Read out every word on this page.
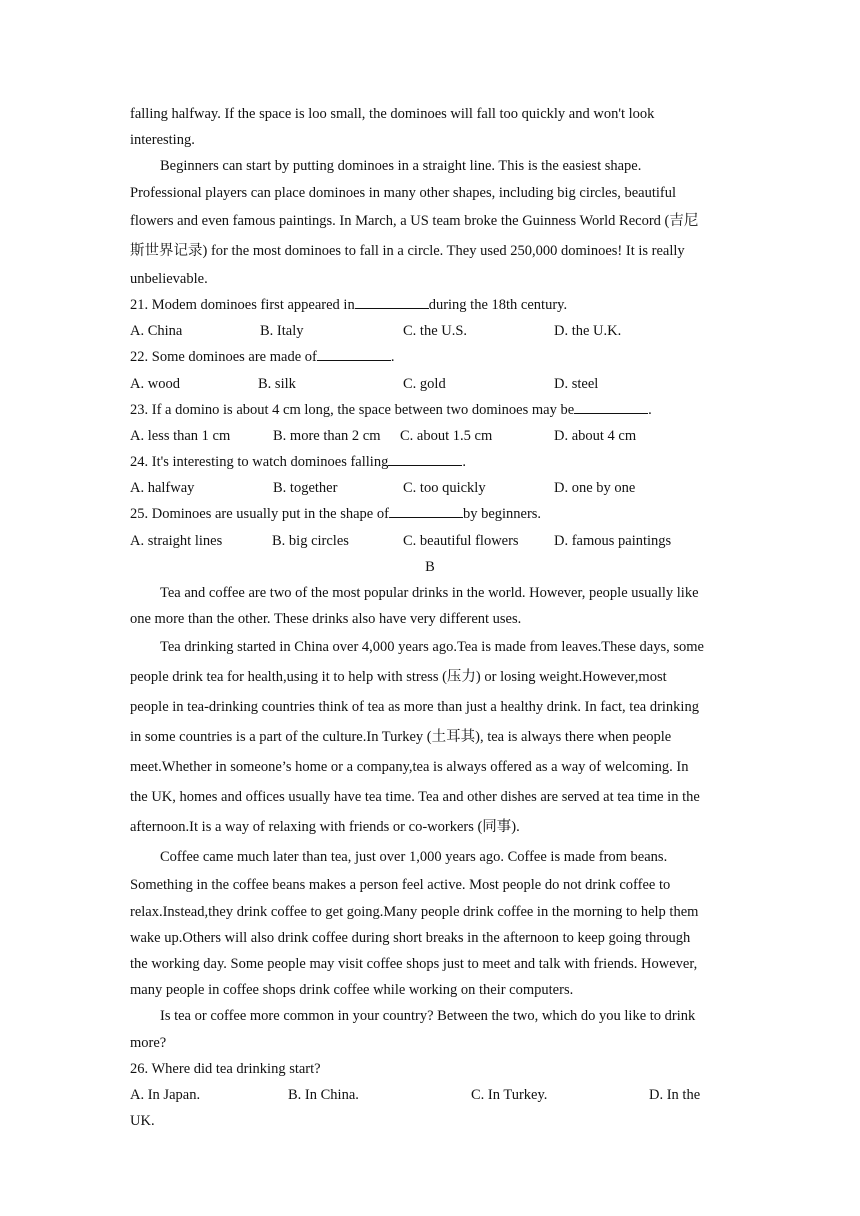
falling halfway. If the space is loo small, the dominoes will fall too quickly and won't look
interesting.
Beginners can start by putting dominoes in a straight line. This is the easiest shape.
Professional players can place dominoes in many other shapes, including big circles, beautiful
flowers and even famous paintings. In March, a US team broke the Guinness World Record (吉尼
斯世界记录) for the most dominoes to fall in a circle. They used 250,000 dominoes! It is really
unbelievable.
21. Modem dominoes first appeared in	during the 18th century.
A. China	B. Italy	C. the U.S.	D. the U.K.
22. Some dominoes are made of	.
A. wood	B. silk	C. gold	D. steel
23. If a domino is about 4 cm long, the space between two dominoes may be	.
A. less than 1 cm	B. more than 2 cm C. about 1.5 cm	D. about 4 cm
24. It's interesting to watch dominoes falling	.
A. halfway	B. together	C. too quickly	D. one by one
25. Dominoes are usually put in the shape of	by beginners.
A. straight lines	B. big circles	C. beautiful flowers D. famous paintings
B
Tea and coffee are two of the most popular drinks in the world. However, people usually like
one more than the other. These drinks also have very different uses.
Tea drinking started in China over 4,000 years ago.Tea is made from leaves.These days, some
people drink tea for health,using it to help with stress (压力) or losing weight.However,most
people in tea-drinking countries think of tea as more than just a healthy drink. In fact, tea drinking
in some countries is a part of the culture.In Turkey (土耳其), tea is always there when people
meet.Whether in someone’s home or a company,tea is always offered as a way of welcoming. In
the UK, homes and offices usually have tea time. Tea and other dishes are served at tea time in the
afternoon.It is a way of relaxing with friends or co-workers (同事).
Coffee came much later than tea, just over 1,000 years ago. Coffee is made from beans.
Something in the coffee beans makes a person feel active. Most people do not drink coffee to
relax.Instead,they drink coffee to get going.Many people drink coffee in the morning to help them
wake up.Others will also drink coffee during short breaks in the afternoon to keep going through
the working day. Some people may visit coffee shops just to meet and talk with friends. However,
many people in coffee shops drink coffee while working on their computers.
Is tea or coffee more common in your country? Between the two, which do you like to drink
more?
26. Where did tea drinking start?
A. In Japan.	B. In China.	C. In Turkey.	D. In the
UK.
